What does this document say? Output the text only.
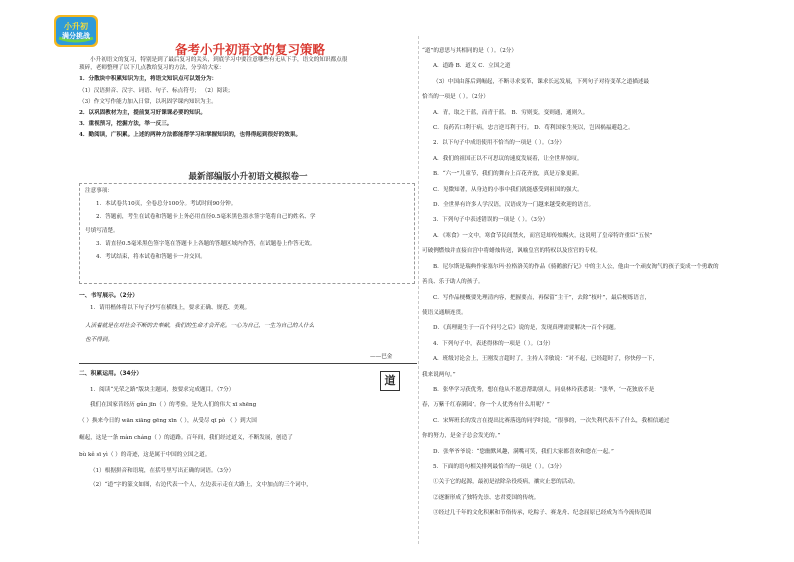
小升初
满分挑战
备考小升初语文的复习策略

小升初语文的复习，特别是到了最后复习的关头，到底学习中要注意哪些有无从下手，语文的知识都点很

琐碎，老师整理了以下几点教给复习的方法，分享给大家：

1．分散块中积累知识为主，将语文知识点可以划分为：

（1）汉语拼音、汉字、词语、句子、标点符号； （2）阅读；

（3）作文写作能力加入日常，以巩固学课内知识为主。

2．以巩固教材为主，提前复习好课课必要的知识。

3．重视预习，挖掘方法，举一反三。

4．勤阅读，广积累。上述的两种方法都能帮学习和掌握知识的，也得得起到很好的效果。

最新部编版小升初语文模拟卷一

注意事项：

1．本试卷共10页，全卷总分100分。考试时间90分钟。

2．答题前，考生在试卷和答题卡上务必用直径0.5毫米黑色墨水签字笔将自己的姓名、学

号填写清楚。

3．请直径0.5毫米黑色签字笔在答题卡上各题的答题区域内作答，在试题卷上作答无效。

4．考试结束，将本试卷和答题卡一并交回。

一、书写展示。（2分）

1．请用楷体将以下句子抄写在横线上，要求正确、规范、美观。

人活着就是在对社会不断的去奉献，我们的生命才会开花。一心为自己，一生为自己的人什么
也不得到。
——巴金
二、积累运用。（34分）	道

1．阅读“光荣之路”版块主题词，按要求完成题目。（7分）

我们在国家昔经历 gǔn jīn（ ）的考验，是先人们的伟大 xī shēng

（ ）换来今日的 wān xiāng gēng xīn（ ），从受尽 qī pò （ ）到大国

崛起，这是一条 màn cháng（ ）的道路。百年间，我们经过道义，不断发展，创造了

bù kě sī yì（ ）的奇迹，这是属于中国的立国之道。

（1）根据拼音和语境，在括号里写出正确的词语。（3分）

（2）“道”字的篆文如图，右边代表一个人，左边表示走在大路上，文中加点的三个词中，

“道”的意思与其相同的是（ ）。（2分）

A．道路 B．道义 C．立国之道

（3）中国由落后到崛起，不断寻求变革，课求长远发展，下列句子对待变革之道描述最

恰当的一项是（ ）。（2分）

A．青，取之于蓝，而青于蓝。 B．穷则变，变则通，通则久。

C．良药苦口利于病，忠言逆耳利于行。 D．苟利国家生死以，岂因祸福避趋之。

2．以下句子中成语使用不恰当的一项是（ ）。（3分）

A．我们的祖国正以不可思议的速度发展着，让全世界惊叹。

B．“六一”儿童节，我们的舞台上百花齐放，真是万象更新。

C．见微知著，从身边的小事中我们就能感受到祖国的强大。

D．全世界有许多人学汉语，汉语成为一门越来越受欢迎的语言。

3．下列句子中表述错误的一项是（ ）。（3分）

A．《寒食》一文中，寒食节民间禁火，而宫廷却传烛赐火，这说明了皇帝特许重臣“五侯”

可破例燃烛并直接自宫中将蜡烛传送，讽喻皇宫的特权以及宦官的专权。

B．尼尔斯是瑞典作家塞尔玛·拉格洛芙的作品《骑鹅旅行记》中的主人公，他由一个顽皮淘气的孩子变成一个勇敢的

善良、乐于助人的孩子。

C．写作品梗概要先理清内容，把握要点，再保留“主干”，去除“枝叶”，最后梗练语言，

使语义通顺连贯。

D．《真理诞生于一百个问号之后》说的是，发现真理需要解决一百个问题。

4．下列句子中，表述得体的一项是（ ）。（3分）

A．班级讨论会上，王刚发言超时了，主持人幸敏说：“对不起，已经超时了，你快停一下，

我来说两句。”

B．张华学习获优秀，想在他从不愿意帮助别人，同桌林玲获悉说：“张华，‘一花独放不是

春，万紫千红春满园’。你一个人优秀有什么用呢？”

C．宋辉班长的发言在提出比赛落选的同学时说，“很事的，一次失利代表不了什么，我相信通过

你的努力，是金子总会发光的。”

D．张华爷爷说：“您幽默风趣，满嘴可笑，我们大家都喜欢和您在一起。”

5．下面的语句相关排列最恰当的一项是（ ）。（3分）

①关于它的起源，最初是祛除杂役疫病，禳灾止恶的活动。

②逐渐形成了独特先崇、忠君爱国的传统。

③经过几千年的文化积累和节俗传承，吃粽子、赛龙舟、纪念屈原已经成为当今流传范围
